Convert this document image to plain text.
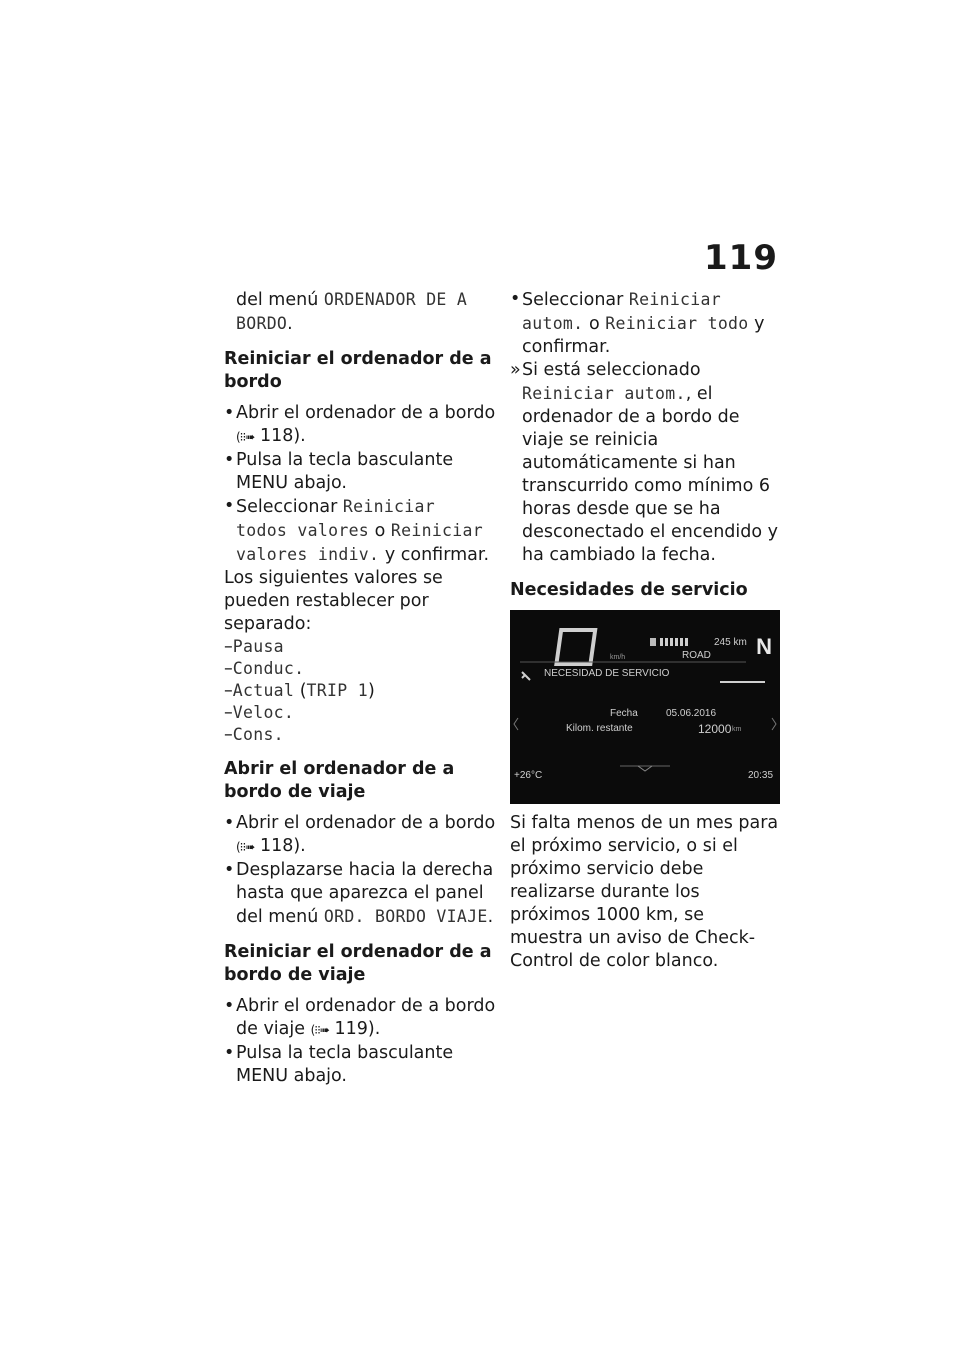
119

del menú ORDENADOR DE A BORDO.

Reiniciar el ordenador de a bordo

• Abrir el ordenador de a bordo
(⁝⁝➠ 118).
• Pulsa la tecla basculante MENU abajo.
• Seleccionar Reiniciar todos valores o Reiniciar valores indiv. y confirmar.

Los siguientes valores se pueden restablecer por separado:

–Pausa
–Conduc.
–Actual (TRIP 1)
–Veloc.
–Cons.

Abrir el ordenador de a bordo de viaje

• Abrir el ordenador de a bordo
(⁝⁝➠ 118).
• Desplazarse hacia la derecha hasta que aparezca el panel del menú ORD. BORDO VIAJE.

Reiniciar el ordenador de a bordo de viaje

• Abrir el ordenador de a bordo de viaje (⁝⁝➠ 119).
• Pulsa la tecla basculante MENU abajo.
• Seleccionar Reiniciar autom. o Reiniciar todo y confirmar.
» Si está seleccionado Reiniciar autom., el ordenador de a bordo de viaje se reinicia automáticamente si han transcurrido como mínimo 6 horas desde que se ha desconectado el encendido y ha cambiado la fecha.

Necesidades de servicio

km/h
245 km
ROAD N
NECESIDAD DE SERVICIO
Fecha	05.06.2016
Kilom. restante	12000 km
+26°C	20:35

Si falta menos de un mes para el próximo servicio, o si el próximo servicio debe realizarse durante los próximos 1000 km, se muestra un aviso de Check-Control de color blanco.
